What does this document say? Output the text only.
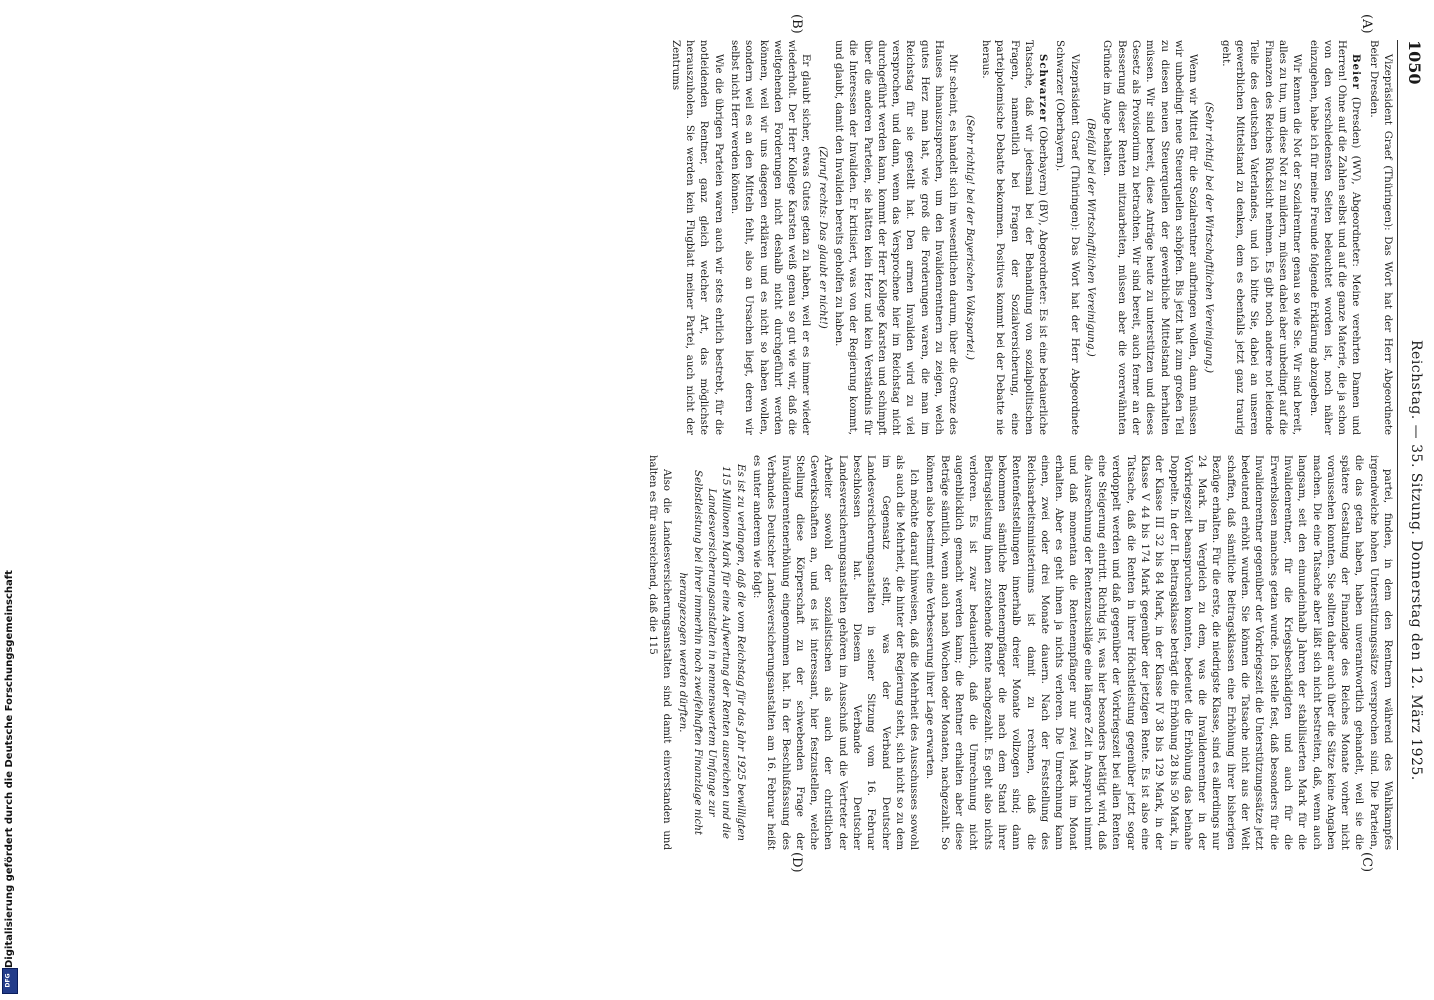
1050
Reichstag. — 35. Sitzung. Donnerstag den 12. März 1925.
(A)
(B)
(C)
(D)

Vizepräsident Graef (Thüringen): Das Wort hat der Herr Abgeordnete Beier Dresden.

Beier (Dresden) (WV), Abgeordneter: Meine verehrten Damen und Herren! Ohne auf die Zahlen selbst und auf die ganze Materie, die ja schon von den verschiedensten Seiten beleuchtet worden ist, noch näher einzugehen, habe ich für meine Freunde folgende Erklärung abzugeben.

Wir kennen die Not der Sozialrentner genau so wie Sie. Wir sind bereit, alles zu tun, um diese Not zu mildern, müssen dabei aber unbedingt auf die Finanzen des Reiches Rücksicht nehmen. Es gibt noch andere not leidende Teile des deutschen Vaterlandes, und ich bitte Sie, dabei an unseren gewerblichen Mittelstand zu denken, dem es ebenfalls jetzt ganz traurig geht.

(Sehr richtig! bei der Wirtschaftlichen Vereinigung.)

Wenn wir Mittel für die Sozialrentner aufbringen wollen, dann müssen wir unbedingt neue Steuerquellen schöpfen. Bis jetzt hat zum großen Teil zu diesen neuen Steuerquellen der gewerbliche Mittelstand herhalten müssen. Wir sind bereit, diese Anträge heute zu unterstützen und dieses Gesetz als Provisorium zu betrachten. Wir sind bereit, auch ferner an der Besserung dieser Renten mitzuarbeiten, müssen aber die vorerwähnten Gründe im Auge behalten.

(Beifall bei der Wirtschaftlichen Vereinigung.)

Vizepräsident Graef (Thüringen): Das Wort hat der Herr Abgeordnete Schwarzer (Oberbayern).

Schwarzer (Oberbayern) (BV), Abgeordneter: Es ist eine bedauerliche Tatsache, daß wir jedesmal bei der Behandlung von sozialpolitischen Fragen, namentlich bei Fragen der Sozialversicherung, eine parteipolemische Debatte bekommen. Positives kommt bei der Debatte nie heraus.

(Sehr richtig! bei der Bayerischen Volkspartei.)

Mir scheint, es handelt sich im wesentlichen darum, über die Grenze des Hauses hinauszusprechen, um den Invalidenrentnern zu zeigen, welch gutes Herz man hat, wie groß die Forderungen waren, die man im Reichstag für sie gestellt hat. Den armen Invaliden wird zu viel versprochen, und dann, wenn das Versprochene hier im Reichstag nicht durchgeführt werden kann, kommt der Herr Kollege Karsten und schimpft über die anderen Parteien, sie hätten kein Herz und kein Verständnis für die Interessen der Invaliden. Er kritisiert, was von der Regierung kommt, und glaubt, damit den Invaliden bereits geholfen zu haben.

(Zuruf rechts: Das glaubt er nicht!)

Er glaubt sicher, etwas Gutes getan zu haben, weil er es immer wieder wiederholt. Der Herr Kollege Karsten weiß genau so gut wie wir, daß die weitgehenden Forderungen nicht deshalb nicht durchgeführt werden können, weil wir uns dagegen erklären und es nicht so haben wollen, sondern weil es an den Mitteln fehlt, also an Ursachen liegt, deren wir selbst nicht Herr werden können.

Wie die übrigen Parteien waren auch wir stets ehrlich bestrebt, für die notleidenden Rentner, ganz gleich welcher Art, das möglichste herauszuholen. Sie werden kein Flugblatt meiner Partei, auch nicht der Zentrums

partei, finden, in dem den Rentnern während des Wahlkampfes irgendwelche hohen Unterstützungssätze versprochen sind. Die Parteien, die das getan haben, haben unverantwortlich gehandelt, weil sie die spätere Gestaltung der Finanzlage des Reiches Monate vorher nicht voraussehen konnten. Sie sollten daher auch über die Sätze keine Angaben machen. Die eine Tatsache aber läßt sich nicht bestreiten, daß, wenn auch langsam, seit den einundeinhalb Jahren der stabilisierten Mark für die Invalidenrentner, für die Kriegsbeschädigten und auch für die Erwerbslosen manches getan wurde. Ich stelle fest, daß besonders für die Invalidenrentner gegenüber der Vorkriegszeit die Unterstützungssätze jetzt bedeutend erhöht wurden. Sie können die Tatsache nicht aus der Welt schaffen, daß sämtliche Beitragsklassen eine Erhöhung ihrer bisherigen Bezüge erhalten. Für die erste, die niedrigste Klasse, sind es allerdings nur 24 Mark. Im Vergleich zu dem, was die Invalidenrentner in der Vorkriegszeit beanspruchen konnten, bedeutet die Erhöhung das beinahe Doppelte. In der II. Beitragsklasse beträgt die Erhöhung 28 bis 50 Mark, in der Klasse III 32 bis 84 Mark, in der Klasse IV 38 bis 129 Mark, in der Klasse V 44 bis 174 Mark gegenüber der jetzigen Rente. Es ist also eine Tatsache, daß die Renten in ihrer Höchstleistung gegenüber jetzt sogar verdoppelt werden und daß gegenüber der Vorkriegszeit bei allen Renten eine Steigerung eintritt. Richtig ist, was hier besonders betätigt wird, daß die Ausrechnung der Rentenzuschläge eine längere Zeit in Anspruch nimmt und daß momentan die Rentenempfänger nur zwei Mark im Monat erhalten. Aber es geht ihnen ja nichts verloren. Die Umrechnung kann einen, zwei oder drei Monate dauern. Nach der Feststellung des Reichsarbeitsministeriums ist damit zu rechnen, daß die Rentenfeststellungen innerhalb dreier Monate vollzogen sind; dann bekommen sämtliche Rentenempfänger die nach dem Stand ihrer Beitragsleistung ihnen zustehende Rente nachgezahlt. Es geht also nichts verloren. Es ist zwar bedauerlich, daß die Umrechnung nicht augenblicklich gemacht werden kann; die Rentner erhalten aber diese Beträge sämtlich, wenn auch nach Wochen oder Monaten, nachgezahlt. So können also bestimmt eine Verbesserung ihrer Lage erwarten.

Ich möchte darauf hinweisen, daß die Mehrheit des Ausschusses sowohl als auch die Mehrheit, die hinter der Regierung steht, sich nicht so zu dem im Gegensatz stellt, was der Verband Deutscher Landesversicherungsanstalten in seiner Sitzung vom 16. Februar beschlossen hat. Diesem Verbande Deutscher Landesversicherungsanstalten gehören im Ausschuß und die Vertreter der Arbeiter sowohl der sozialistischen als auch der christlichen Gewerkschaften an, und es ist interessant, hier festzustellen, welche Stellung diese Körperschaft zu der schwebenden Frage der Invalidenrentenerhöhung eingenommen hat. In der Beschlußfassung des Verbandes Deutscher Landesversicherungsanstalten am 16. Februar heißt es unter anderem wie folgt:

Es ist zu verlangen, daß die vom Reichstag für das Jahr 1925 bewilligten 115 Millionen Mark für eine Aufwertung der Renten ausreichen und die Landesversicherungsanstalten in nennenswertem Umfange zur Selbstleistung bei ihrer immerhin noch zweifelhaften Finanzlage nicht herangezogen werden dürften.

Also die Landesversicherungsanstalten sind damit einverstanden und halten es für ausreichend, daß die 115

DFG
Digitalisierung gefördert durch die Deutsche Forschungsgemeinschaft
